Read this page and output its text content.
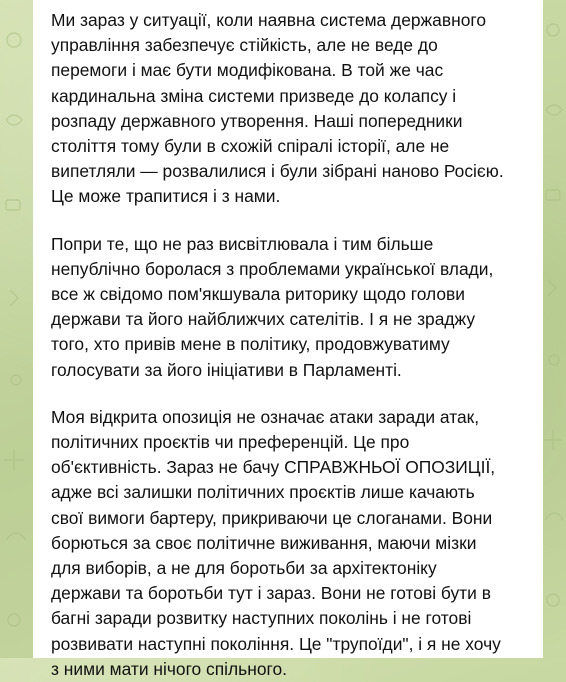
Ми зараз у ситуації, коли наявна система державного
управління забезпечує стійкість, але не веде до
перемоги і має бути модифікована. В той же час
кардинальна зміна системи призведе до колапсу і
розпаду державного утворення. Наші попередники
століття тому були в схожій спіралі історії, але не
випетляли — розвалилися і були зібрані наново Росією.
Це може трапитися і з нами.

Попри те, що не раз висвітлювала і тим більше
непублічно боролася з проблемами української влади,
все ж свідомо пом'якшувала риторику щодо голови
держави та його найближчих сателітів. І я не зраджу
того, хто привів мене в політику, продовжуватиму
голосувати за його ініціативи в Парламенті.

Моя відкрита опозиція не означає атаки заради атак,
політичних проєктів чи преференцій. Це про
об'єктивність. Зараз не бачу СПРАВЖНЬОЇ ОПОЗИЦІЇ,
адже всі залишки політичних проєктів лише качають
свої вимоги бартеру, прикриваючи це слоганами. Вони
борються за своє політичне виживання, маючи мізки
для виборів, а не для боротьби за архітектоніку
держави та боротьби тут і зараз. Вони не готові бути в
багні заради розвитку наступних поколінь і не готові
розвивати наступні покоління. Це "трупоїди", і я не хочу
з ними мати нічого спільного.
